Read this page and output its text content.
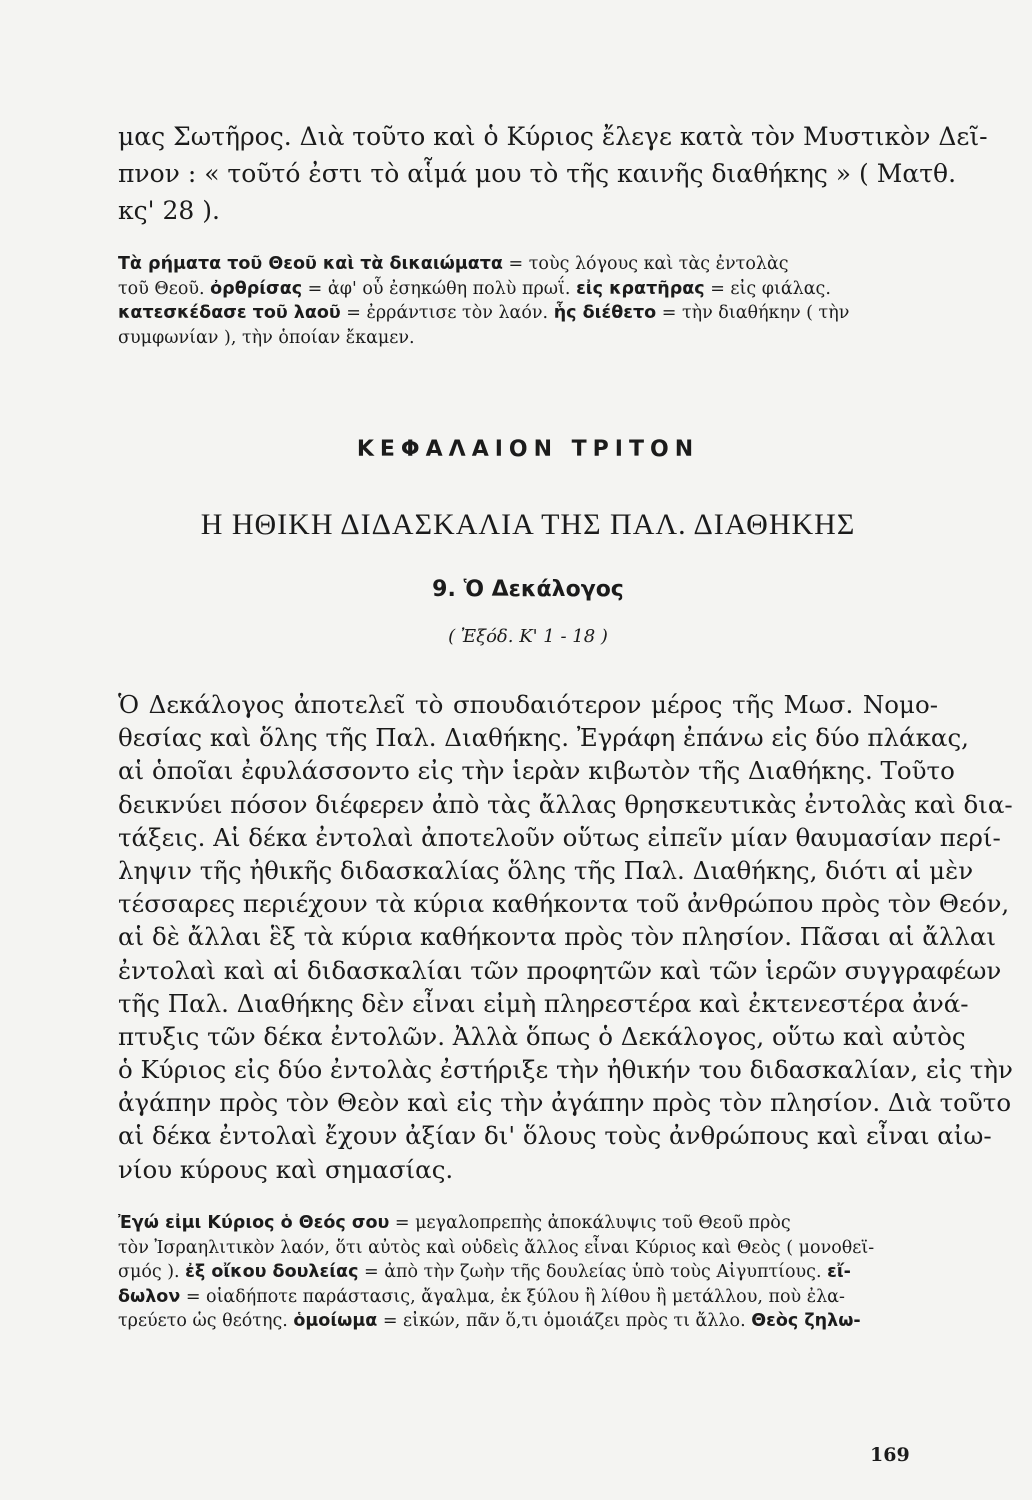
μας Σωτῆρος. Διὰ τοῦτο καὶ ὁ Κύριος ἔλεγε κατὰ τὸν Μυστικὸν Δεῖ-
πνον : « τοῦτό ἐστι τὸ αἷμά μου τὸ τῆς καινῆς διαθήκης » ( Ματθ.
κς' 28 ).
Τὰ ρήματα τοῦ Θεοῦ καὶ τὰ δικαιώματα = τοὺς λόγους καὶ τὰς ἐντολὰς
τοῦ Θεοῦ. ὀρθρίσας = ἀφ' οὗ ἐσηκώθη πολὺ πρωΐ. εἰς κρατῆρας = εἰς φιάλας.
κατεσκέδασε τοῦ λαοῦ = ἐρράντισε τὸν λαόν. ἧς διέθετο = τὴν διαθήκην ( τὴν
συμφωνίαν ), τὴν ὁποίαν ἔκαμεν.
ΚΕΦΑΛΑΙΟΝ ΤΡΙΤΟΝ
Η ΗΘΙΚΗ ΔΙΔΑΣΚΑΛΙΑ ΤΗΣ ΠΑΛ. ΔΙΑΘΗΚΗΣ
9. Ὁ Δεκάλογος
( Ἐξόδ. Κ' 1 - 18 )
Ὁ Δεκάλογος ἀποτελεῖ τὸ σπουδαιότερον μέρος τῆς Μωσ. Νομο-
θεσίας καὶ ὅλης τῆς Παλ. Διαθήκης. Ἐγράφη ἐπάνω εἰς δύο πλάκας,
αἱ ὁποῖαι ἐφυλάσσοντο εἰς τὴν ἱερὰν κιβωτὸν τῆς Διαθήκης. Τοῦτο
δεικνύει πόσον διέφερεν ἀπὸ τὰς ἄλλας θρησκευτικὰς ἐντολὰς καὶ δια-
τάξεις. Αἱ δέκα ἐντολαὶ ἀποτελοῦν οὕτως εἰπεῖν μίαν θαυμασίαν περί-
ληψιν τῆς ἠθικῆς διδασκαλίας ὅλης τῆς Παλ. Διαθήκης, διότι αἱ μὲν
τέσσαρες περιέχουν τὰ κύρια καθήκοντα τοῦ ἀνθρώπου πρὸς τὸν Θεόν,
αἱ δὲ ἄλλαι ἓξ τὰ κύρια καθήκοντα πρὸς τὸν πλησίον. Πᾶσαι αἱ ἄλλαι
ἐντολαὶ καὶ αἱ διδασκαλίαι τῶν προφητῶν καὶ τῶν ἱερῶν συγγραφέων
τῆς Παλ. Διαθήκης δὲν εἶναι εἰμὴ πληρεστέρα καὶ ἐκτενεστέρα ἀνά-
πτυξις τῶν δέκα ἐντολῶν. Ἀλλὰ ὅπως ὁ Δεκάλογος, οὕτω καὶ αὐτὸς
ὁ Κύριος εἰς δύο ἐντολὰς ἐστήριξε τὴν ἠθικήν του διδασκαλίαν, εἰς τὴν
ἀγάπην πρὸς τὸν Θεὸν καὶ εἰς τὴν ἀγάπην πρὸς τὸν πλησίον. Διὰ τοῦτο
αἱ δέκα ἐντολαὶ ἔχουν ἀξίαν δι' ὅλους τοὺς ἀνθρώπους καὶ εἶναι αἰω-
νίου κύρους καὶ σημασίας.
Ἐγώ εἰμι Κύριος ὁ Θεός σου = μεγαλοπρεπὴς ἀποκάλυψις τοῦ Θεοῦ πρὸς
τὸν Ἰσραηλιτικὸν λαόν, ὅτι αὐτὸς καὶ οὐδεὶς ἄλλος εἶναι Κύριος καὶ Θεὸς ( μονοθεϊ-
σμός ). ἐξ οἴκου δουλείας = ἀπὸ τὴν ζωὴν τῆς δουλείας ὑπὸ τοὺς Αἰγυπτίους. εἴ-
δωλον = οἱαδήποτε παράστασις, ἄγαλμα, ἐκ ξύλου ἢ λίθου ἢ μετάλλου, ποὺ ἐλα-
τρεύετο ὡς θεότης. ὁμοίωμα = εἰκών, πᾶν ὅ,τι ὁμοιάζει πρὸς τι ἄλλο. Θεὸς ζηλω-
169
